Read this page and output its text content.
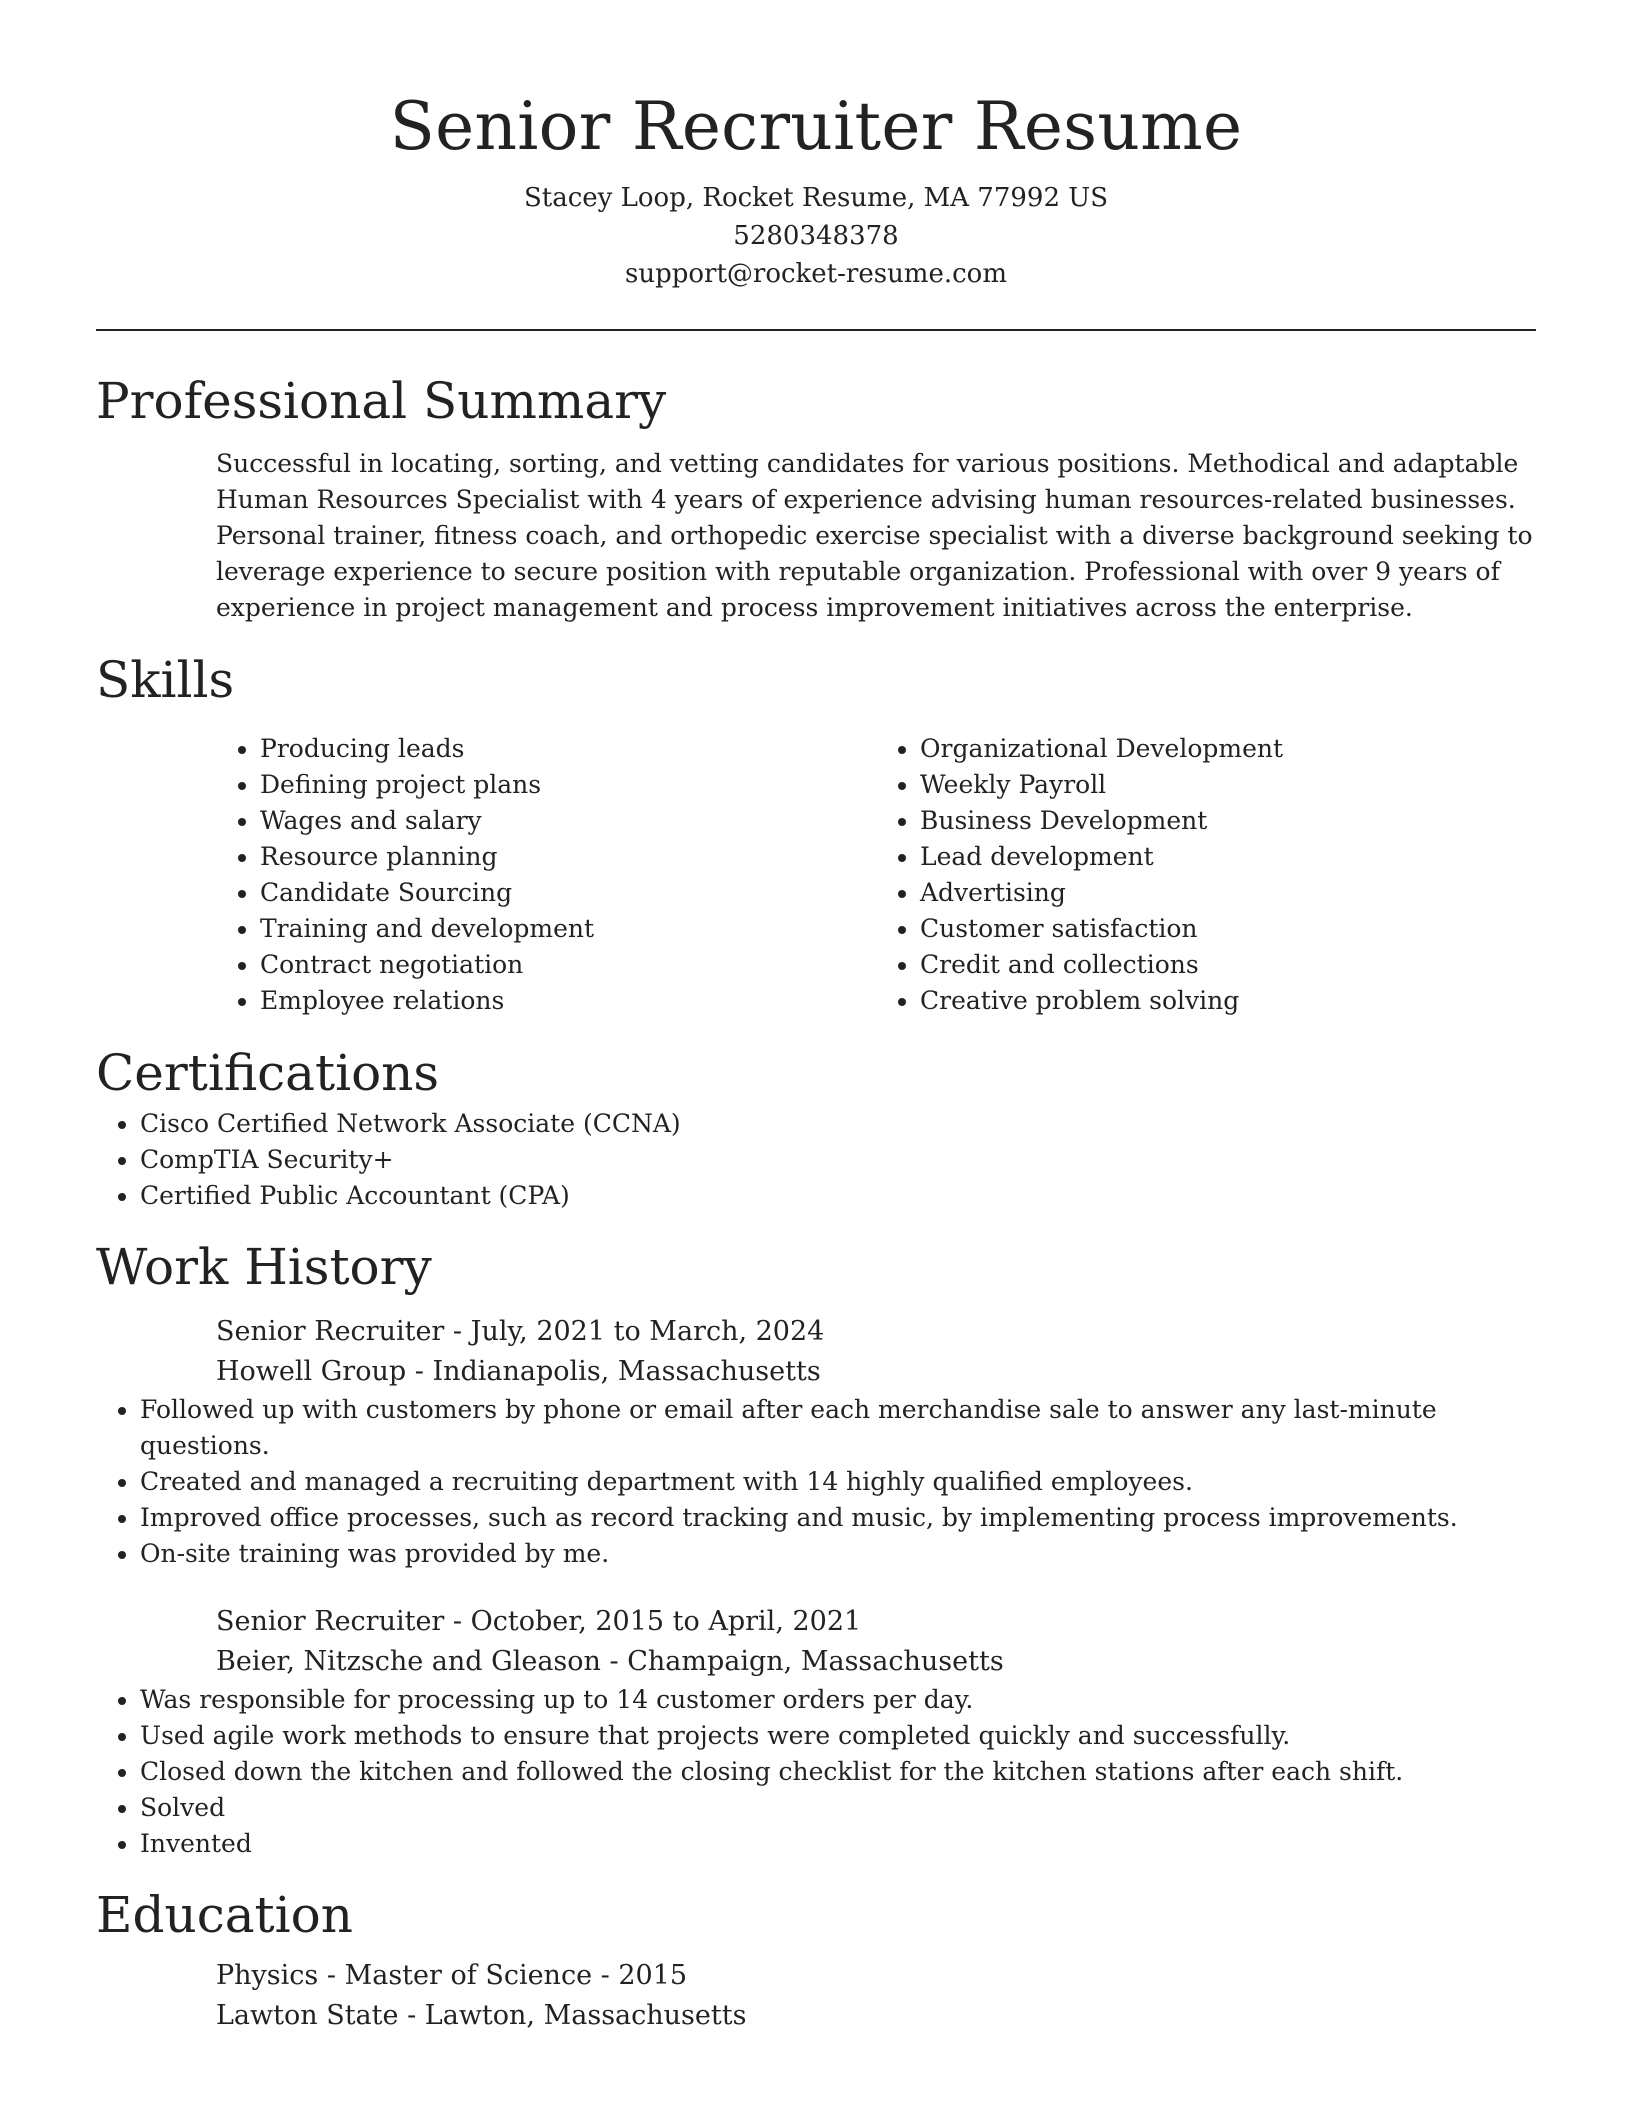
Senior Recruiter Resume
Stacey Loop, Rocket Resume, MA 77992 US
5280348378
support@rocket-resume.com
Professional Summary

Successful in locating, sorting, and vetting candidates for various positions. Methodical and adaptable Human Resources Specialist with 4 years of experience advising human resources-related businesses. Personal trainer, fitness coach, and orthopedic exercise specialist with a diverse background seeking to leverage experience to secure position with reputable organization. Professional with over 9 years of experience in project management and process improvement initiatives across the enterprise.

Skills
• Producing leads
• Defining project plans
• Wages and salary
• Resource planning
• Candidate Sourcing
• Training and development
• Contract negotiation
• Employee relations
• Organizational Development
• Weekly Payroll
• Business Development
• Lead development
• Advertising
• Customer satisfaction
• Credit and collections
• Creative problem solving
Certifications
• Cisco Certified Network Associate (CCNA)
• CompTIA Security+
• Certified Public Accountant (CPA)
Work History
Senior Recruiter - July, 2021 to March, 2024
Howell Group - Indianapolis, Massachusetts
• Followed up with customers by phone or email after each merchandise sale to answer any last-minute questions.
• Created and managed a recruiting department with 14 highly qualified employees.
• Improved office processes, such as record tracking and music, by implementing process improvements.
• On-site training was provided by me.
Senior Recruiter - October, 2015 to April, 2021
Beier, Nitzsche and Gleason - Champaign, Massachusetts
• Was responsible for processing up to 14 customer orders per day.
• Used agile work methods to ensure that projects were completed quickly and successfully.
• Closed down the kitchen and followed the closing checklist for the kitchen stations after each shift.
• Solved
• Invented
Education
Physics - Master of Science - 2015
Lawton State - Lawton, Massachusetts
